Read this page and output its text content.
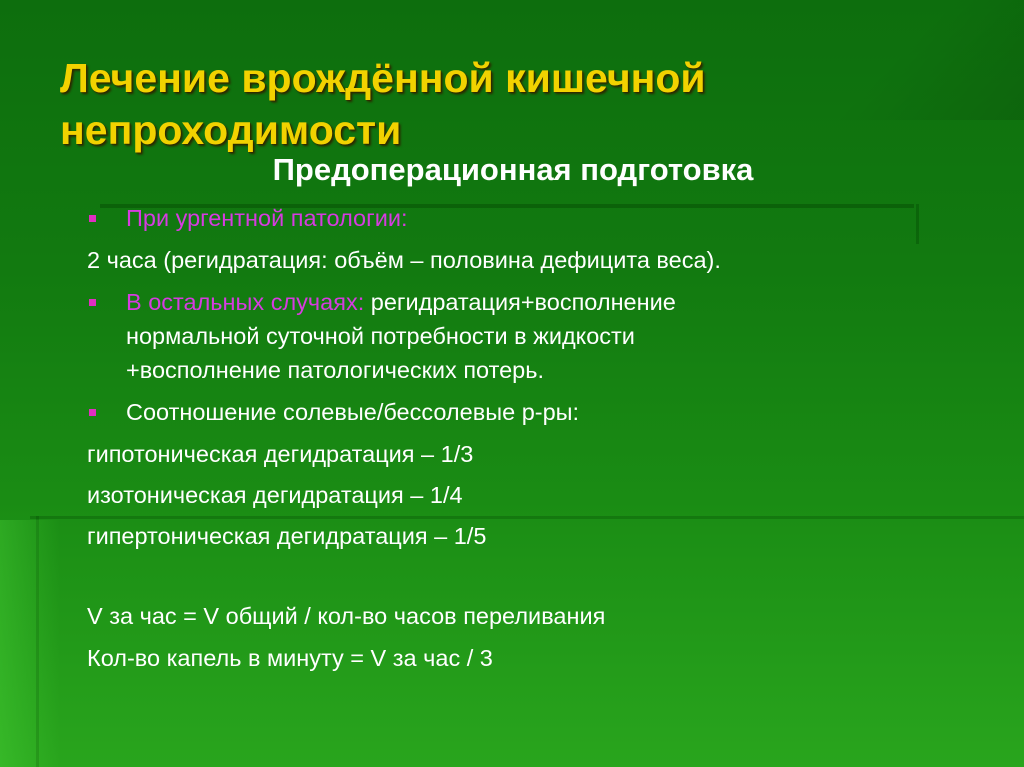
Лечение врождённой кишечной
непроходимости
Предоперационная подготовка
При ургентной патологии:
2 часа (регидратация: объём – половина дефицита веса).
В остальных случаях: регидратация+восполнение
нормальной суточной потребности в жидкости
+восполнение патологических потерь.
Соотношение солевые/бессолевые р-ры:
гипотоническая дегидратация – 1/3
изотоническая дегидратация – 1/4
гипертоническая дегидратация – 1/5
V за час = V общий / кол-во часов переливания
Кол-во капель в минуту = V за час / 3
